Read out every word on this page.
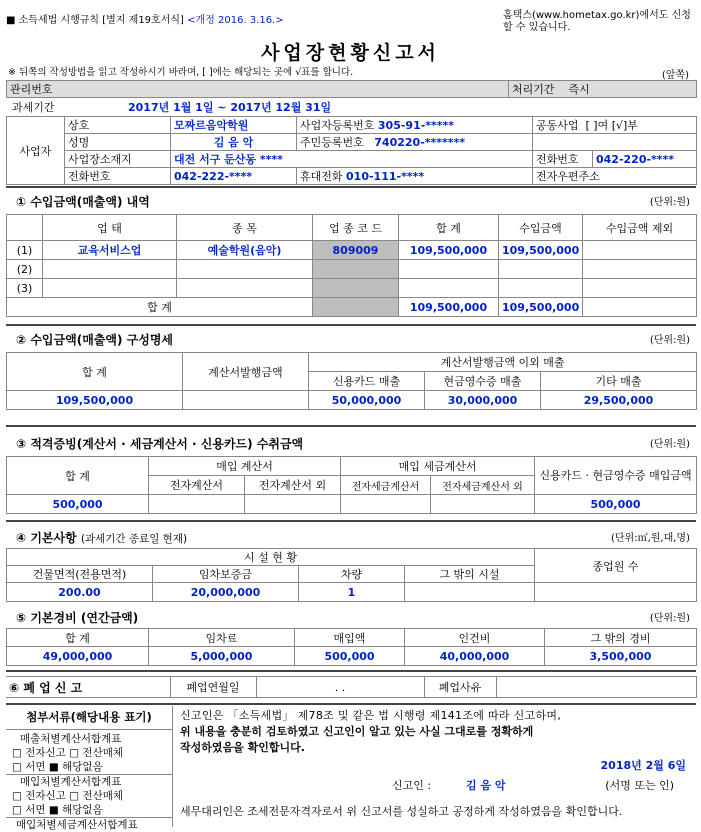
■ 소득세법 시행규칙 [별지 제19호서식] <개정 2016. 3.16.>	홈택스(www.hometax.go.kr)에서도 신청할 수 있습니다.
사업장현황신고서
※ 뒤쪽의 작성방법을 읽고 작성하시기 바라며, [ ]에는 해당되는 곳에 √표를 합니다.	(앞쪽)
관리번호	처리기간 즉시
과세기간	2017년 1월 1일 ~ 2017년 12월 31일
사업자	상호	모짜르음악학원	사업자등록번호 305-91-*****	공동사업 [ ]여 [√]부	
	성명	김 음 악	주민등록번호 740220-*******		
	사업장소재지	대전 서구 둔산동 ****		전화번호	042-220-****
	전화번호	042-222-****	휴대전화 010-111-****	전자우편주소	
① 수입금액(매출액) 내역	(단위:원)
	업 태	종 목	업 종 코 드	합 계	수입금액	수입금액 제외
(1)	교육서비스업	예술학원(음악)	809009	109,500,000	109,500,000	
(2)						
(3)						
합 계				109,500,000	109,500,000	
② 수입금액(매출액) 구성명세	(단위:원)
합 계	계산서발행금액	계산서발행금액 이외 매출		
		신용카드 매출	현금영수증 매출	기타 매출
109,500,000		50,000,000	30,000,000	29,500,000
③ 적격증빙(계산서 · 세금계산서 · 신용카드) 수취금액	(단위:원)
합 계	매입 계산서		매입 세금계산서		신용카드 · 현금영수증 매입금액
	전자계산서	전자계산서 외	전자세금계산서	전자세금계산서 외	
500,000					500,000
④ 기본사항 (과세기간 종료일 현재)	(단위:㎡,원,대,명)
시 설 현 황				종업원 수
건물면적(전용면적)	임차보증금	차량	그 밖의 시설	
200.00	20,000,000	1		
⑤ 기본경비 (연간금액)	(단위:원)
합 계	임차료	매입액	인건비	그 밖의 경비
49,000,000	5,000,000	500,000	40,000,000	3,500,000
⑥ 폐 업 신 고	폐업연월일	. .	폐업사유	
첨부서류(해당내용 표기)
매출처별계산서합계표
□ 전자신고 □ 전산매체
□ 서면 ■ 해당없음
매입처별계산서합계표
□ 전자신고 □ 전산매체
□ 서면 ■ 해당없음
매입처별세금계산서합계표
신고인은 「소득세법」 제78조 및 같은 법 시행령 제141조에 따라 신고하며,
위 내용을 충분히 검토하였고 신고인이 알고 있는 사실 그대로를 정확하게
작성하였음을 확인합니다.
2018년 2월 6일
신고인 :	김 음 악	(서명 또는 인)
세무대리인은 조세전문자격자로서 위 신고서를 성실하고 공정하게 작성하였음을 확인합니다.
